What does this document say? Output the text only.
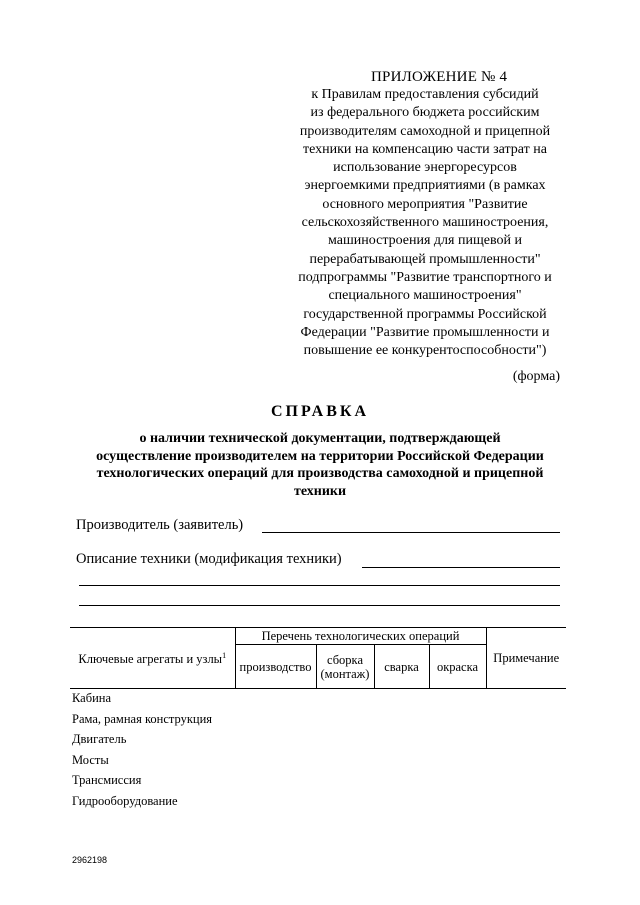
ПРИЛОЖЕНИЕ № 4
к Правилам предоставления субсидий
из федерального бюджета российским
производителям самоходной и прицепной
техники на компенсацию части затрат на
использование энергоресурсов
энергоемкими предприятиями (в рамках
основного мероприятия "Развитие
сельскохозяйственного машиностроения,
машиностроения для пищевой и
перерабатывающей промышленности"
подпрограммы "Развитие транспортного и
специального машиностроения"
государственной программы Российской
Федерации "Развитие промышленности и
повышение ее конкурентоспособности")
(форма)
СПРАВКА
о наличии технической документации, подтверждающей
осуществление производителем на территории Российской Федерации
технологических операций для производства самоходной и прицепной
техники
Производитель (заявитель)
Описание техники (модификация техники)
Ключевые агрегаты и узлы$^1$	Перечень технологических операций				Примечание
	производство	сборка (монтаж)	сварка	окраска	
Кабина
Рама, рамная конструкция
Двигатель
Мосты
Трансмиссия
Гидрооборудование
2962198
